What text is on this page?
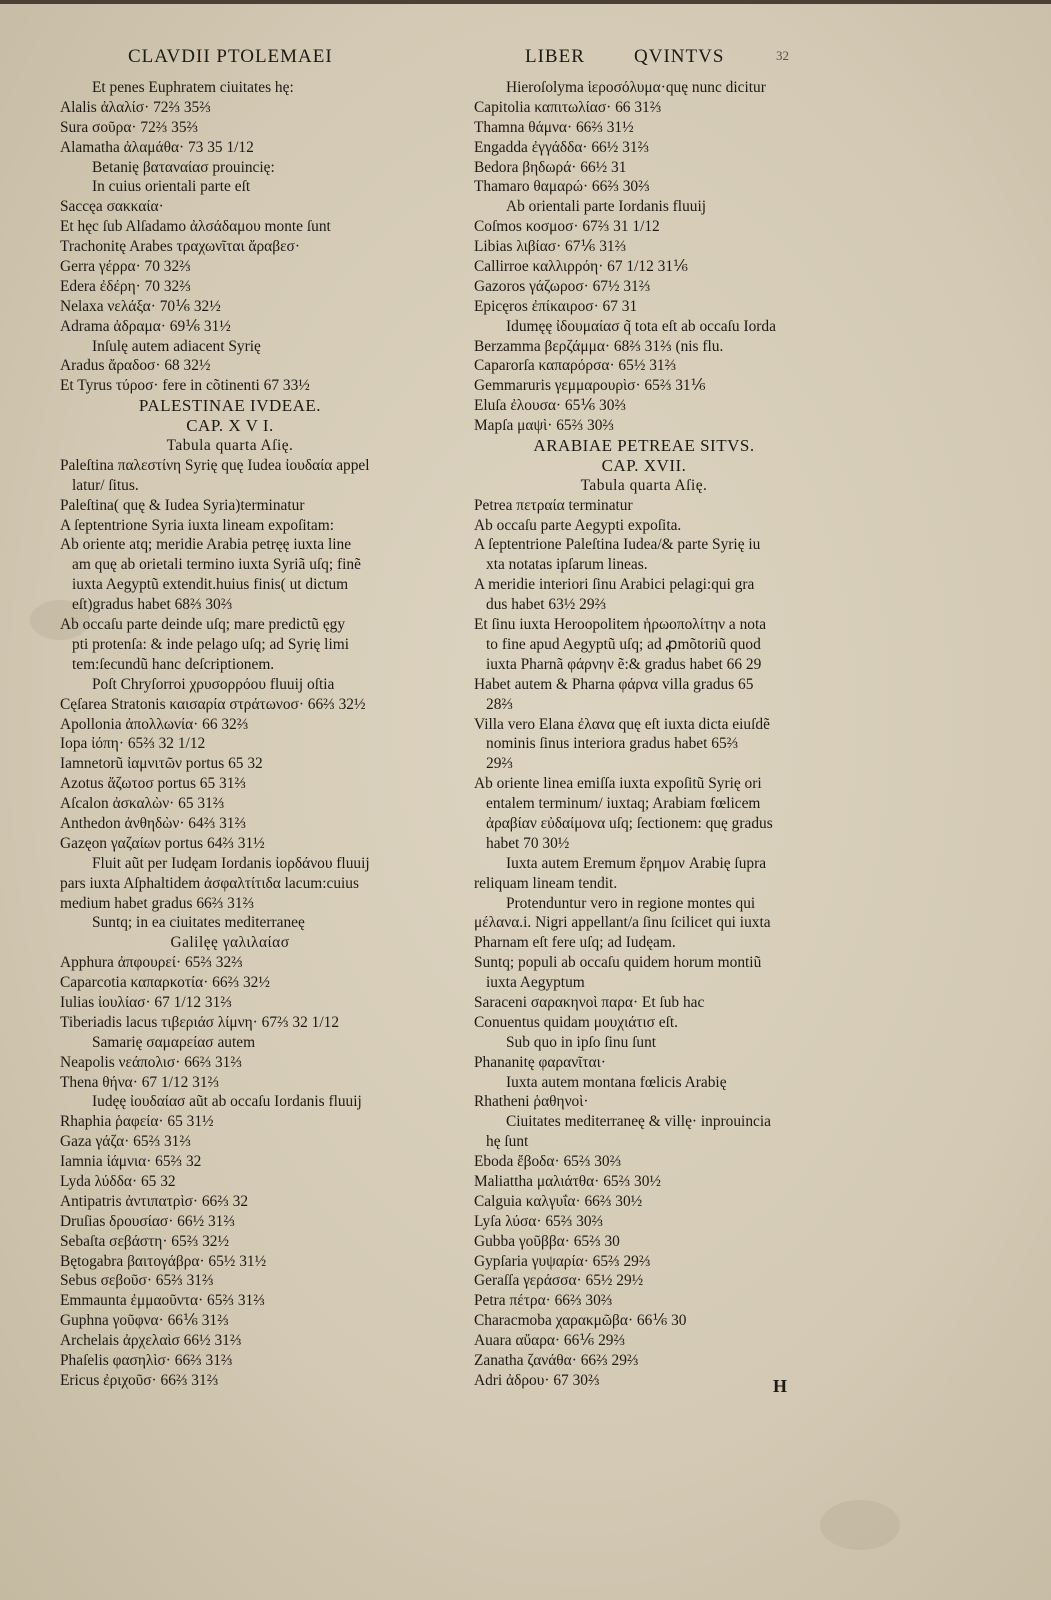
CLAVDII PTOLEMAEI	LIBER	QVINTVS	32
Et penes Euphratem ciuitates hę:
Alalis ἀλαλίσ· 72⅔ 35⅔
Sura σοῦρα· 72⅔ 35⅔
Alamatha ἀλαμάθα· 73 35 1/12
Betanię βαταναίασ prouincię:
In cuius orientali parte eſt
Saccęa σακκαία·
Et hęc ſub Alſadamo ἀλσάδαμου monte ſunt
Trachonitę Arabes τραχωνῖται ἄραβεσ·
Gerra γέρρα· 70 32⅔
Edera ἐδέρη· 70 32⅔
Nelaxa νελάξα· 70⅙ 32½
Adrama ἀδραμα· 69⅙ 31½
Inſulę autem adiacent Syrię
Aradus ἄραδοσ· 68 32½
Et Tyrus τύροσ· fere in cõtinenti 67 33½
PALESTINAE IVDEAE.
CAP. X V I.
Tabula quarta Aſię.
Paleſtina παλεστίνη Syrię quę Iudea ἰουδαία appel
latur/ ſitus.
Paleſtina( quę & Iudea Syria)terminatur
A ſeptentrione Syria iuxta lineam expoſitam:
Ab oriente atq; meridie Arabia petręę iuxta line
am quę ab orietali termino iuxta Syriã uſq; finẽ
iuxta Aegyptũ extendit.huius finis( ut dictum
eſt)gradus habet 68⅔ 30⅔
Ab occaſu parte deinde uſq; mare predictũ ęgy
pti protenſa: & inde pelago uſq; ad Syrię limi
tem:ſecundũ hanc deſcriptionem.
Poſt Chryſorroi χρυσορρόου fluuij oſtia
Cęſarea Stratonis καισαρία στράτωνοσ· 66⅔ 32½
Apollonia ἀπολλωνία· 66 32⅔
Iopa ἰόπη· 65⅔ 32 1/12
Iamnetorũ ἰαμνιτῶν portus 65 32
Azotus ἄζωτοσ portus 65 31⅔
Aſcalon ἀσκαλὼν· 65 31⅔
Anthedon ἀνθηδὼν· 64⅔ 31⅔
Gazęon γαζαίων portus 64⅔ 31½
Fluit aũt per Iudęam Iordanis ἰορδάνου fluuij
pars iuxta Aſphaltidem ἀσφαλτίτιδα lacum:cuius
medium habet gradus 66⅔ 31⅔
Suntq; in ea ciuitates mediterraneę
Galilęę γαλιλαίασ
Apphura ἀπφουρεί· 65⅔ 32⅔
Caparcotia καπαρκοτία· 66⅔ 32½
Iulias ἰουλίασ· 67 1/12 31⅔
Tiberiadis lacus τιβεριάσ λίμνη· 67⅔ 32 1/12
Samarię σαμαρείασ autem
Neapolis νεάπολισ· 66⅔ 31⅔
Thena θήνα· 67 1/12 31⅔
Iudęę ἰουδαίασ aũt ab occaſu Iordanis fluuij
Rhaphia ῥαφεία· 65 31½
Gaza γάζα· 65⅔ 31⅔
Iamnia ἰάμνια· 65⅔ 32
Lyda λύδδα· 65 32
Antipatris ἀντιπατρὶσ· 66⅔ 32
Druſias δρουσίασ· 66½ 31⅔
Sebaſta σεβάστη· 65⅔ 32½
Bętogabra βαιτογάβρα· 65½ 31½
Sebus σεβοῦσ· 65⅔ 31⅔
Emmaunta ἐμμαοῦντα· 65⅔ 31⅔
Guphna γοῦφνα· 66⅙ 31⅔
Archelais ἀρχελαὶσ 66½ 31⅔
Phaſelis φασηλὶσ· 66⅔ 31⅔
Ericus ἐριχοῦσ· 66⅔ 31⅔
Hieroſolyma ἱεροσόλυμα·quę nunc dicitur
Capitolia καπιτωλίασ· 66 31⅔
Thamna θάμνα· 66⅔ 31½
Engadda ἐγγάδδα· 66½ 31⅔
Bedora βηδωρά· 66½ 31
Thamaro θαμαρώ· 66⅔ 30⅔
Ab orientali parte Iordanis fluuij
Coſmos κοσμοσ· 67⅔ 31 1/12
Libias λιβίασ· 67⅙ 31⅔
Callirroe καλλιρρόη· 67 1/12 31⅙
Gazoros γάζωροσ· 67½ 31⅔
Epicęros ἐπίκαιροσ· 67 31
Idumęę ἰδουμαίασ q̃ tota eſt ab occaſu Iorda
Berzamma βερζάμμα· 68⅔ 31⅔ (nis flu.
Caparorſa καπαρόρσα· 65½ 31⅔
Gemmaruris γεμμαρουρὶσ· 65⅔ 31⅙
Eluſa ἐλουσα· 65⅙ 30⅔
Mapſa μαψὶ· 65⅔ 30⅔
ARABIAE PETREAE SITVS.
CAP. XVII.
Tabula quarta Aſię.
Petrea πετραία terminatur
Ab occaſu parte Aegypti expoſita.
A ſeptentrione Paleſtina Iudea/& parte Syrię iu
xta notatas ipſarum lineas.
A meridie interiori ſinu Arabici pelagi:qui gra
dus habet 63½ 29⅔
Et ſinu iuxta Heroopolitem ἡρωοπολίτην a nota
to fine apud Aegyptũ uſq; ad ꝓmõtoriũ quod
iuxta Pharnã φάρνην ẽ:& gradus habet 66 29
Habet autem & Pharna φάρνα villa gradus 65
28⅔
Villa vero Elana ἐλανα quę eſt iuxta dicta eiuſdẽ
nominis ſinus interiora gradus habet 65⅔
29⅔
Ab oriente linea emiſſa iuxta expoſitũ Syrię ori
entalem terminum/ iuxtaq; Arabiam fœlicem
ἀραβίαν εὐδαίμονα uſq; ſectionem: quę gradus
habet 70 30½
Iuxta autem Eremum ἔρημον Arabię ſupra
reliquam lineam tendit.
Protenduntur vero in regione montes qui
μέλανα.i. Nigri appellant/a ſinu ſcilicet qui iuxta
Pharnam eſt fere uſq; ad Iudęam.
Suntq; populi ab occaſu quidem horum montiũ
iuxta Aegyptum
Saraceni σαρακηνοὶ παρα· Et ſub hac
Conuentus quidam μουχιάτισ eſt.
Sub quo in ipſo ſinu ſunt
Phananitę φαρανῖται·
Iuxta autem montana fœlicis Arabię
Rhatheni ῥαθηνοὶ·
Ciuitates mediterraneę & villę· inprouincia
hę ſunt
Eboda ἔβοδα· 65⅔ 30⅔
Maliattha μαλιάτθα· 65⅔ 30½
Calguia καλγυΐα· 66⅔ 30½
Lyſa λύσα· 65⅔ 30⅔
Gubba γοῦββα· 65⅔ 30
Gypſaria γυψαρία· 65⅔ 29⅔
Geraſſa γεράσσα· 65½ 29½
Petra πέτρα· 66⅔ 30⅔
Characmoba χαρακμῶβα· 66⅙ 30
Auara αὔαρα· 66⅙ 29⅔
Zanatha ζανάθα· 66⅔ 29⅔
Adri ἀδρου· 67 30⅔	H
